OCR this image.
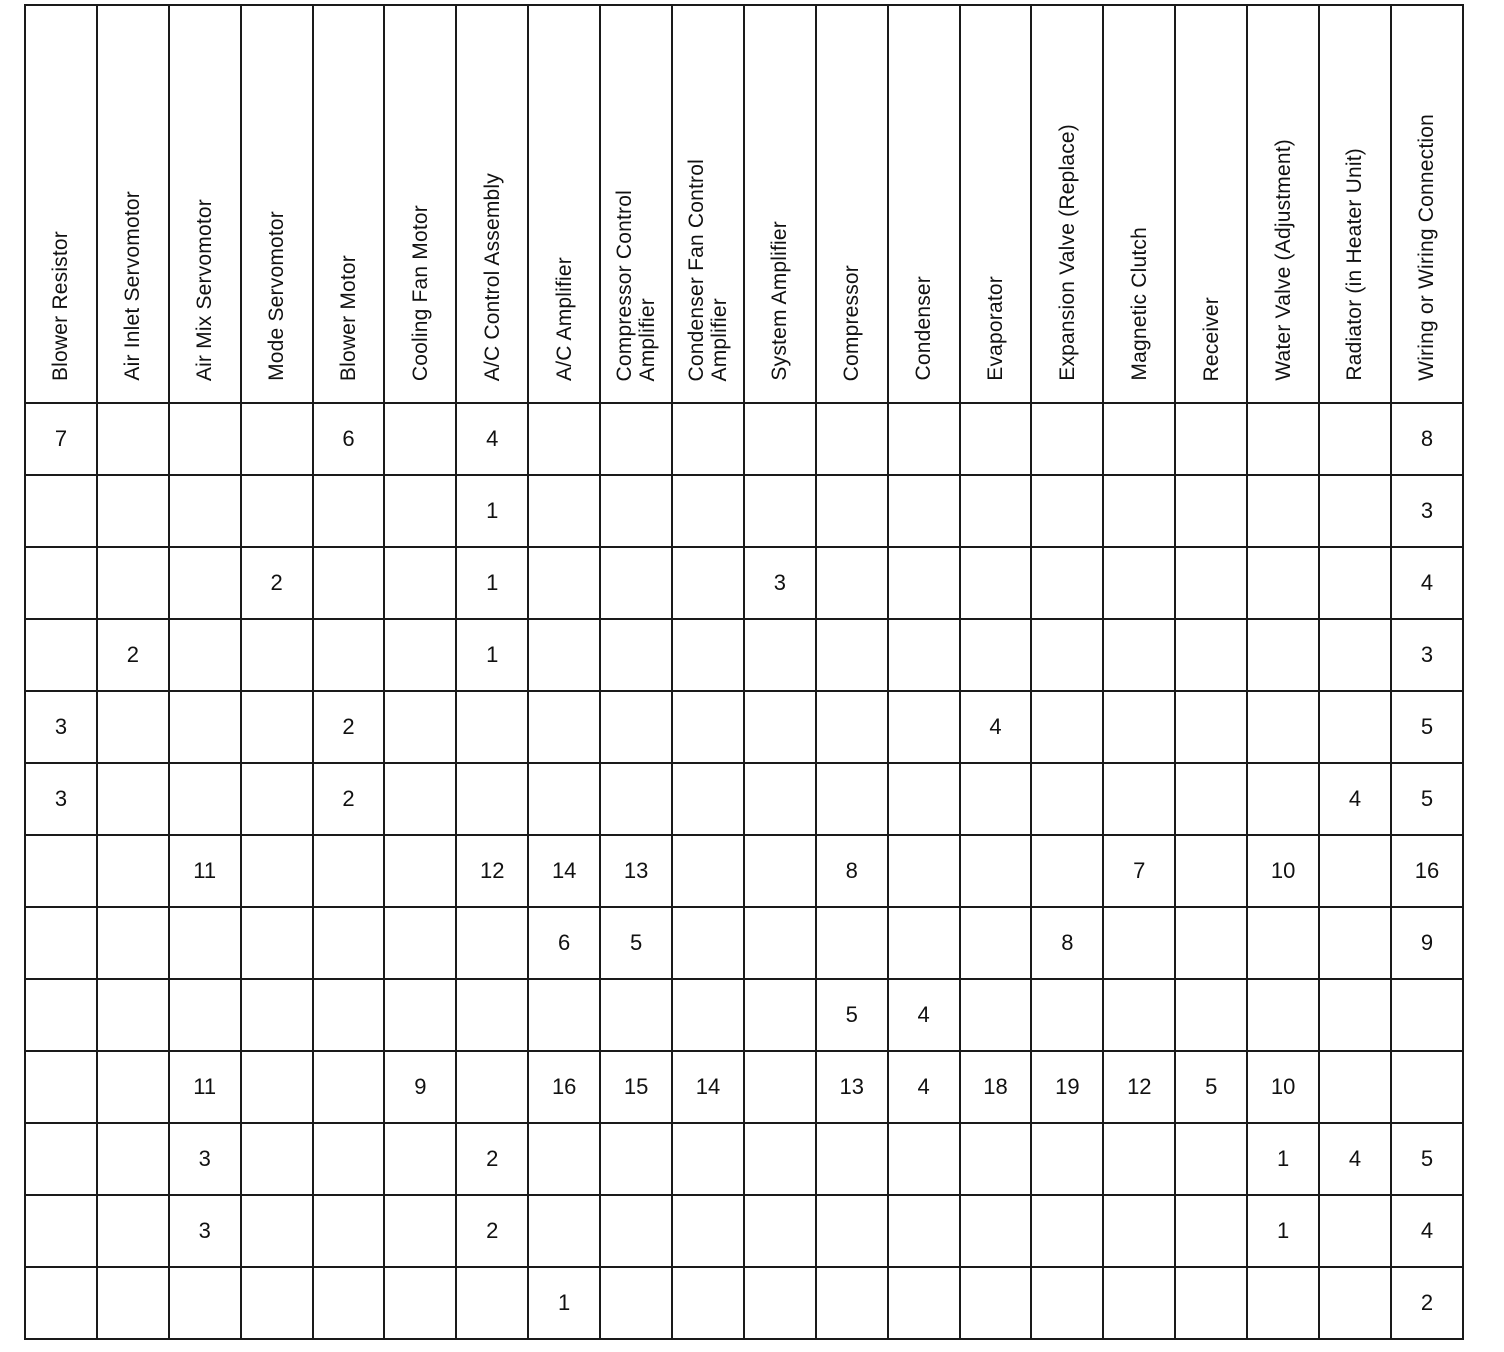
Blower Resistor	Air Inlet Servomotor	Air Mix Servomotor	Mode Servomotor	Blower Motor	Cooling Fan Motor	A/C Control Assembly	A/C Amplifier	Compressor Control
Amplifier	Condenser Fan Control
Amplifier	System Amplifier	Compressor	Condenser	Evaporator	Expansion Valve (Replace)	Magnetic Clutch	Receiver	Water Valve (Adjustment)	Radiator (in Heater Unit)	Wiring or Wiring Connection
7				6		4													8
						1													3
			2			1				3									4
	2					1													3
3				2									4						5
3				2														4	5
		11				12	14	13			8				7		10		16
							6	5						8					9
											5	4							
		11			9		16	15	14		13	4	18	19	12	5	10		
		3				2											1	4	5
		3				2											1		4
							1												2
